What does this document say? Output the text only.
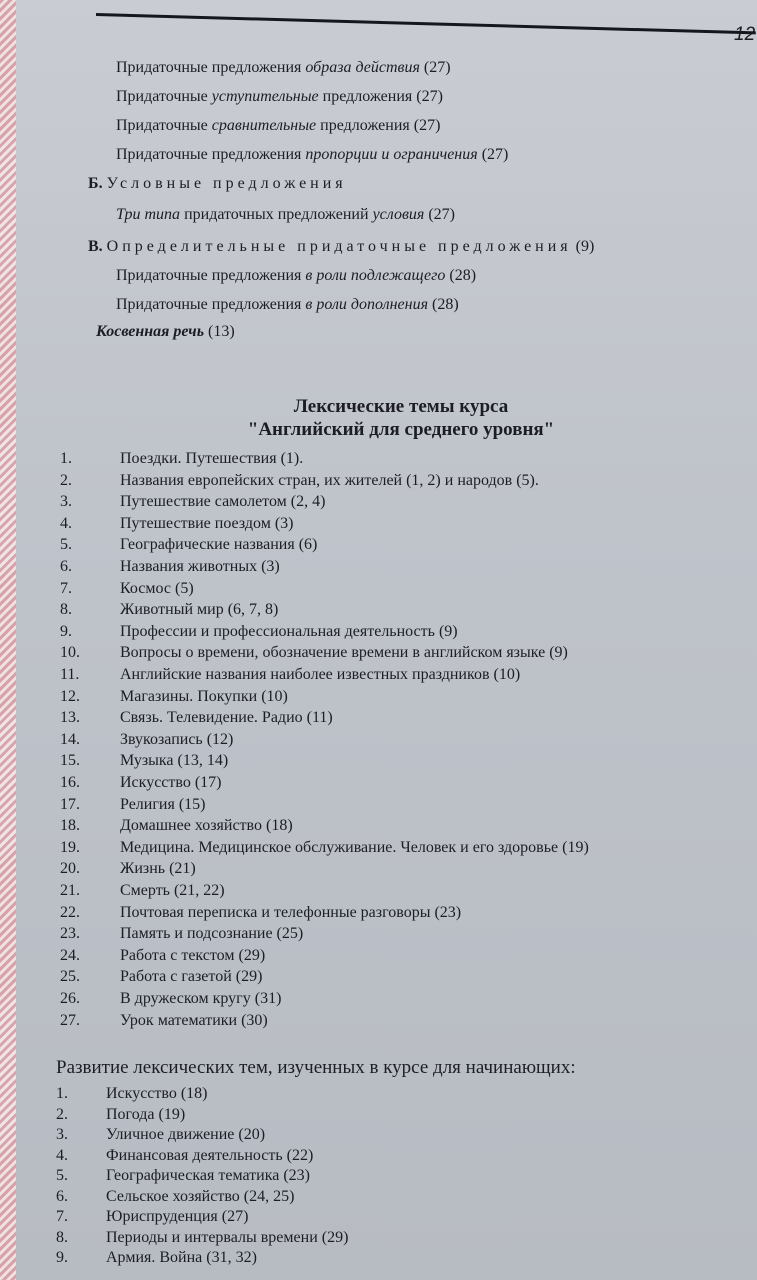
12
Придаточные предложения образа действия (27)
Придаточные уступительные предложения (27)
Придаточные сравнительные предложения (27)
Придаточные предложения пропорции и ограничения (27)
Б. Условные предложения
Три типа придаточных предложений условия (27)
В. Определительные придаточные предложения (9)
Придаточные предложения в роли подлежащего (28)
Придаточные предложения в роли дополнения (28)
Косвенная речь (13)
Лексические темы курса
"Английский для среднего уровня"
1.	Поездки. Путешествия (1).
2.	Названия европейских стран, их жителей (1, 2) и народов (5).
3.	Путешествие самолетом (2, 4)
4.	Путешествие поездом (3)
5.	Географические названия (6)
6.	Названия животных (3)
7.	Космос (5)
8.	Животный мир (6, 7, 8)
9.	Профессии и профессиональная деятельность (9)
10.	Вопросы о времени, обозначение времени в английском языке (9)
11.	Английские названия наиболее известных праздников (10)
12.	Магазины. Покупки (10)
13.	Связь. Телевидение. Радио (11)
14.	Звукозапись (12)
15.	Музыка (13, 14)
16.	Искусство (17)
17.	Религия (15)
18.	Домашнее хозяйство (18)
19.	Медицина. Медицинское обслуживание. Человек и его здоровье (19)
20.	Жизнь (21)
21.	Смерть (21, 22)
22.	Почтовая переписка и телефонные разговоры (23)
23.	Память и подсознание (25)
24.	Работа с текстом (29)
25.	Работа с газетой (29)
26.	В дружеском кругу (31)
27.	Урок математики (30)
Развитие лексических тем, изученных в курсе для начинающих:
1. Искусство (18)
2. Погода (19)
3. Уличное движение (20)
4. Финансовая деятельность (22)
5. Географическая тематика (23)
6. Сельское хозяйство (24, 25)
7. Юриспруденция (27)
8. Периоды и интервалы времени (29)
9. Армия. Война (31, 32)
